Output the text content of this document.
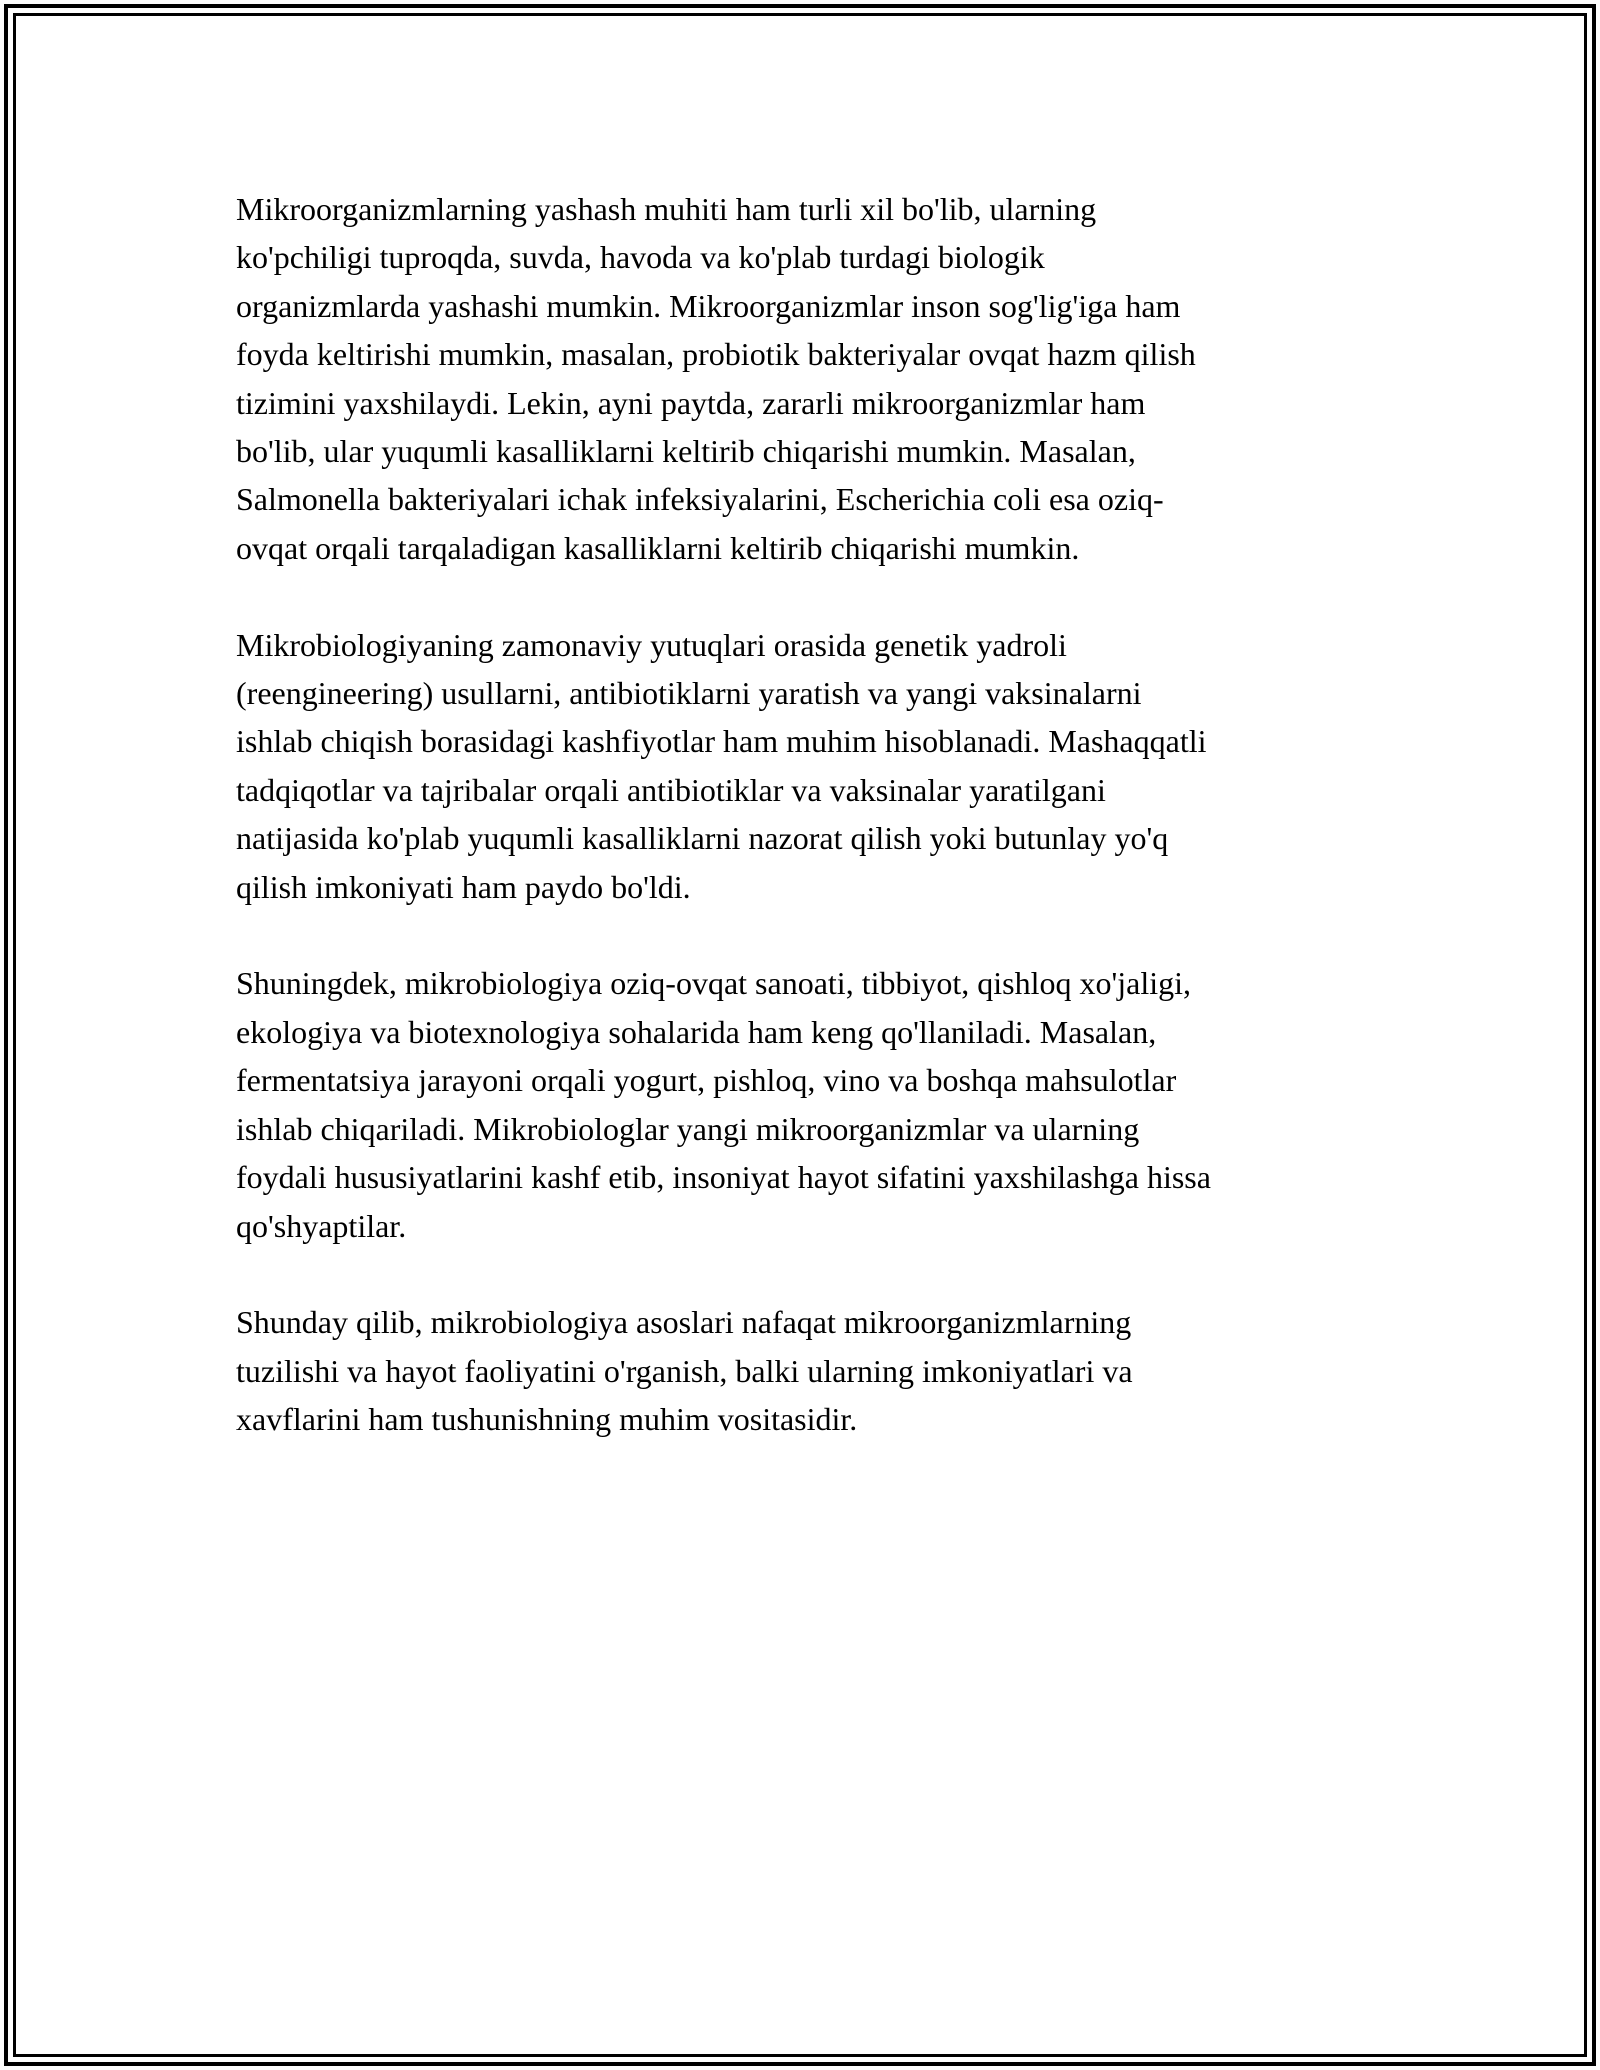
Mikroorganizmlarning yashash muhiti ham turli xil bo'lib, ularning
ko'pchiligi tuproqda, suvda, havoda va ko'plab turdagi biologik
organizmlarda yashashi mumkin. Mikroorganizmlar inson sog'lig'iga ham
foyda keltirishi mumkin, masalan, probiotik bakteriyalar ovqat hazm qilish
tizimini yaxshilaydi. Lekin, ayni paytda, zararli mikroorganizmlar ham
bo'lib, ular yuqumli kasalliklarni keltirib chiqarishi mumkin. Masalan,
Salmonella bakteriyalari ichak infeksiyalarini, Escherichia coli esa oziq-
ovqat orqali tarqaladigan kasalliklarni keltirib chiqarishi mumkin.

Mikrobiologiyaning zamonaviy yutuqlari orasida genetik yadroli
(reengineering) usullarni, antibiotiklarni yaratish va yangi vaksinalarni
ishlab chiqish borasidagi kashfiyotlar ham muhim hisoblanadi. Mashaqqatli
tadqiqotlar va tajribalar orqali antibiotiklar va vaksinalar yaratilgani
natijasida ko'plab yuqumli kasalliklarni nazorat qilish yoki butunlay yo'q
qilish imkoniyati ham paydo bo'ldi.

Shuningdek, mikrobiologiya oziq-ovqat sanoati, tibbiyot, qishloq xo'jaligi,
ekologiya va biotexnologiya sohalarida ham keng qo'llaniladi. Masalan,
fermentatsiya jarayoni orqali yogurt, pishloq, vino va boshqa mahsulotlar
ishlab chiqariladi. Mikrobiologlar yangi mikroorganizmlar va ularning
foydali hususiyatlarini kashf etib, insoniyat hayot sifatini yaxshilashga hissa
qo'shyaptilar.

Shunday qilib, mikrobiologiya asoslari nafaqat mikroorganizmlarning
tuzilishi va hayot faoliyatini o'rganish, balki ularning imkoniyatlari va
xavflarini ham tushunishning muhim vositasidir.
